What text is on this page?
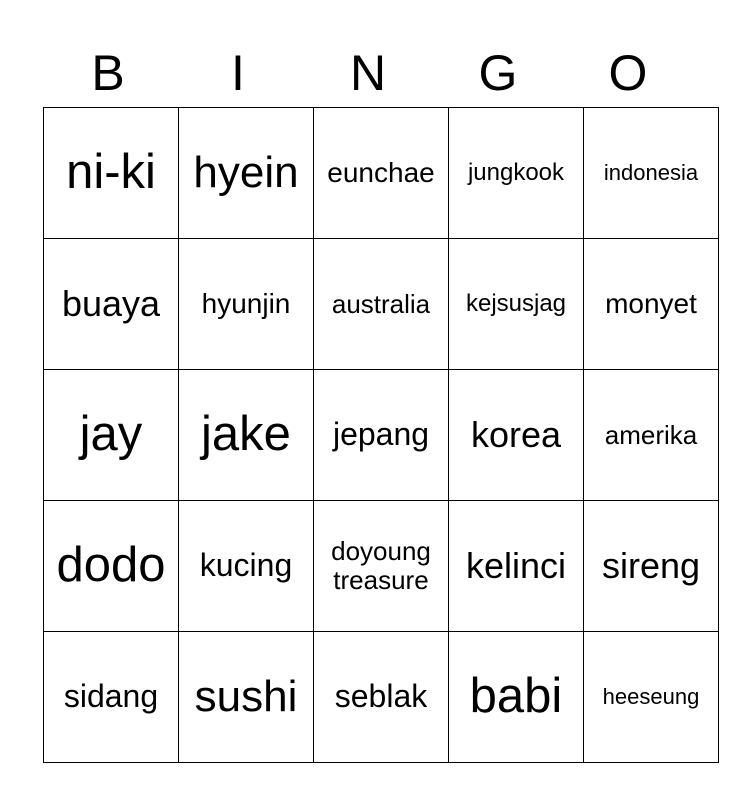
B	I	N	G	O
ni-ki	hyein	eunchae	jungkook	indonesia
buaya	hyunjin	australia	kejsusjag	monyet
jay	jake	jepang	korea	amerika
dodo	kucing	doyoung treasure	kelinci	sireng
sidang	sushi	seblak	babi	heeseung
